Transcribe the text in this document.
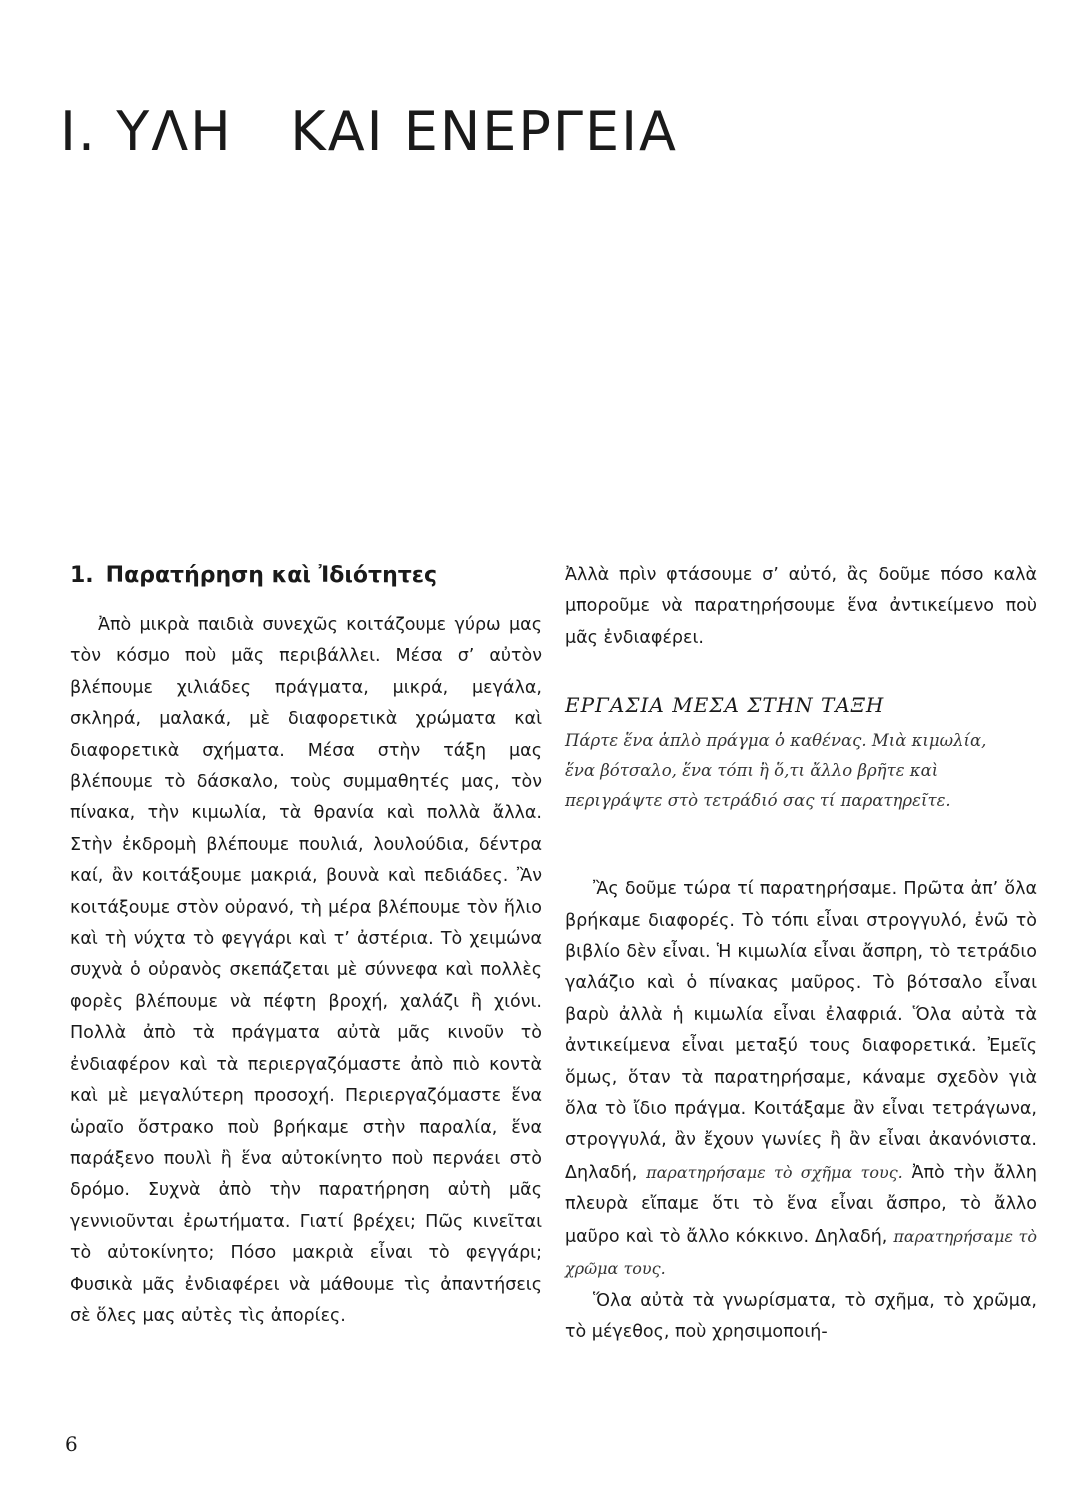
Ι. ΥΛΗ   ΚΑΙ ΕΝΕΡΓΕΙΑ
1. Παρατήρηση καὶ Ἰδιότητες

Ἀπὸ μικρὰ παιδιὰ συνεχῶς κοιτάζουμε γύρω μας τὸν κόσμο ποὺ μᾶς περιβάλλει. Μέσα σ’ αὐτὸν βλέπουμε χιλιάδες πράγματα, μικρά, μεγάλα, σκληρά, μαλακά, μὲ διαφορετικὰ χρώματα καὶ διαφορετικὰ σχήματα. Μέσα στὴν τάξη μας βλέπουμε τὸ δάσκαλο, τοὺς συμμαθητές μας, τὸν πίνακα, τὴν κιμωλία, τὰ θρανία καὶ πολλὰ ἄλλα. Στὴν ἐκδρομὴ βλέπουμε πουλιά, λουλούδια, δέντρα καί, ἂν κοιτάξουμε μακριά, βουνὰ καὶ πεδιάδες. Ἂν κοιτάξουμε στὸν οὐρανό, τὴ μέρα βλέπουμε τὸν ἥλιο καὶ τὴ νύχτα τὸ φεγγάρι καὶ τ’ ἀστέρια. Τὸ χειμώνα συχνὰ ὁ οὐρανὸς σκεπάζεται μὲ σύννεφα καὶ πολλὲς φορὲς βλέπουμε νὰ πέφτη βροχή, χαλάζι ἢ χιόνι. Πολλὰ ἀπὸ τὰ πράγματα αὐτὰ μᾶς κινοῦν τὸ ἐνδιαφέρον καὶ τὰ περιεργαζόμαστε ἀπὸ πιὸ κοντὰ καὶ μὲ μεγαλύτερη προσοχή. Περιεργαζόμαστε ἕνα ὡραῖο ὄστρακο ποὺ βρήκαμε στὴν παραλία, ἕνα παράξενο πουλὶ ἢ ἕνα αὐτοκίνητο ποὺ περνάει στὸ δρόμο. Συχνὰ ἀπὸ τὴν παρατήρηση αὐτὴ μᾶς γεννιοῦνται ἐρωτήματα. Γιατί βρέχει; Πῶς κινεῖται τὸ αὐτοκίνητο; Πόσο μακριὰ εἶναι τὸ φεγγάρι; Φυσικὰ μᾶς ἐνδιαφέρει νὰ μάθουμε τὶς ἀπαντήσεις σὲ ὅλες μας αὐτὲς τὶς ἀπορίες.

Ἀλλὰ πρὶν φτάσουμε σ’ αὐτό, ἂς δοῦμε πόσο καλὰ μποροῦμε νὰ παρατηρήσουμε ἕνα ἀντικείμενο ποὺ μᾶς ἐνδιαφέρει.

ΕΡΓΑΣΙΑ ΜΕΣΑ ΣΤΗΝ ΤΑΞΗ

Πάρτε ἕνα ἁπλὸ πράγμα ὁ καθένας. Μιὰ κιμωλία, ἕνα βότσαλο, ἕνα τόπι ἢ ὅ,τι ἄλλο βρῆτε καὶ περιγράψτε στὸ τετράδιό σας τί παρατηρεῖτε.

Ἂς δοῦμε τώρα τί παρατηρήσαμε. Πρῶτα ἀπ’ ὅλα βρήκαμε διαφορές. Τὸ τόπι εἶναι στρογγυλό, ἐνῶ τὸ βιβλίο δὲν εἶναι. Ἡ κιμωλία εἶναι ἄσπρη, τὸ τετράδιο γαλάζιο καὶ ὁ πίνακας μαῦρος. Τὸ βότσαλο εἶναι βαρὺ ἀλλὰ ἡ κιμωλία εἶναι ἐλαφριά. Ὅλα αὐτὰ τὰ ἀντικείμενα εἶναι μεταξύ τους διαφορετικά. Ἐμεῖς ὅμως, ὅταν τὰ παρατηρήσαμε, κάναμε σχεδὸν γιὰ ὅλα τὸ ἴδιο πράγμα. Κοιτάξαμε ἂν εἶναι τετράγωνα, στρογγυλά, ἂν ἔχουν γωνίες ἢ ἂν εἶναι ἀκανόνιστα. Δηλαδή, παρατηρήσαμε τὸ σχῆμα τους. Ἀπὸ τὴν ἄλλη πλευρὰ εἴπαμε ὅτι τὸ ἕνα εἶναι ἄσπρο, τὸ ἄλλο μαῦρο καὶ τὸ ἄλλο κόκκινο. Δηλαδή, παρατηρήσαμε τὸ χρῶμα τους.

Ὅλα αὐτὰ τὰ γνωρίσματα, τὸ σχῆμα, τὸ χρῶμα, τὸ μέγεθος, ποὺ χρησιμοποιή-

6
